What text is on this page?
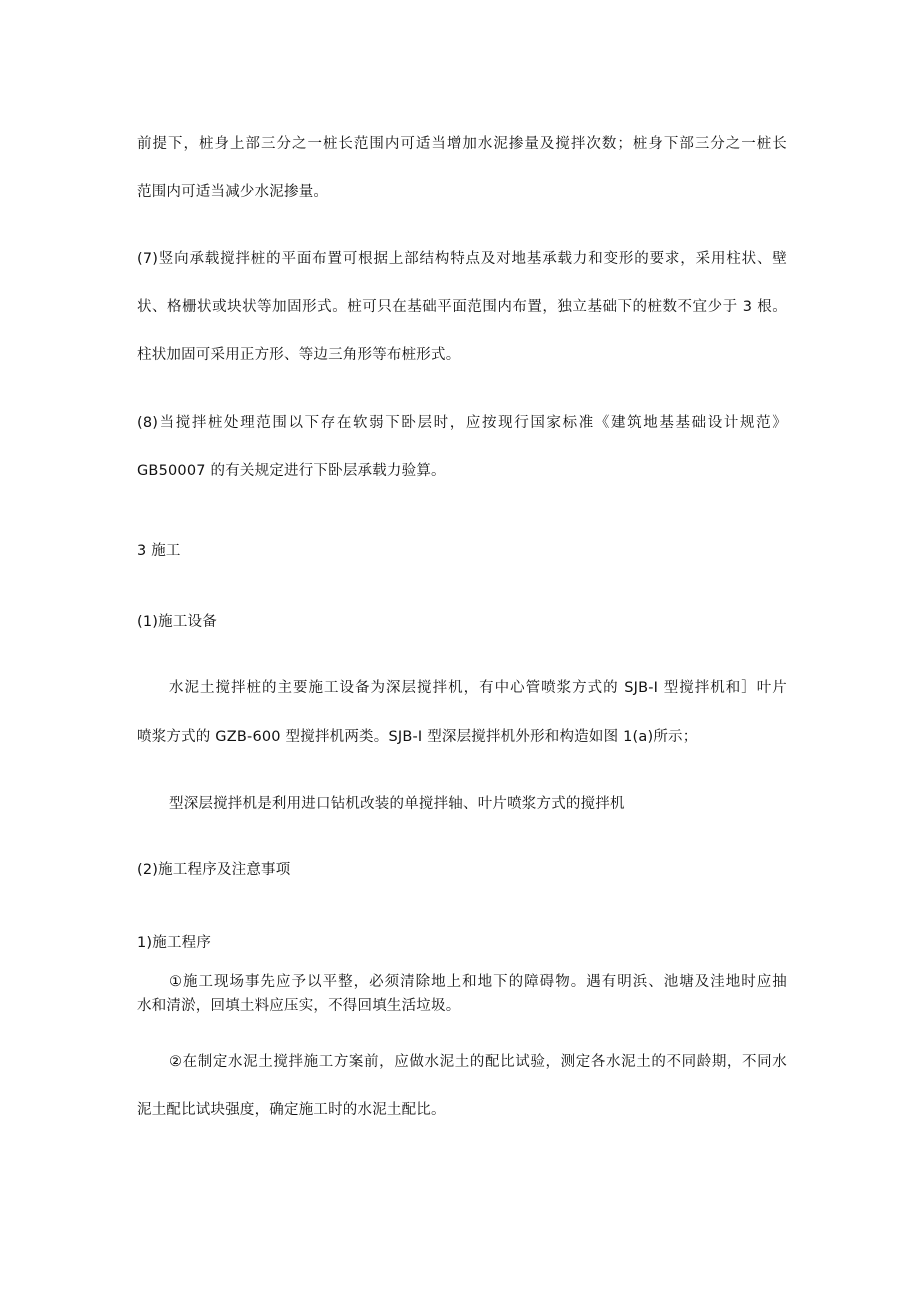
前提下，桩身上部三分之一桩长范围内可适当增加水泥掺量及搅拌次数；桩身下部三分之一桩长
范围内可适当减少水泥掺量。
(7)竖向承载搅拌桩的平面布置可根据上部结构特点及对地基承载力和变形的要求，采用柱状、壁
状、格栅状或块状等加固形式。桩可只在基础平面范围内布置，独立基础下的桩数不宜少于 3 根。
柱状加固可采用正方形、等边三角形等布桩形式。
(8)当搅拌桩处理范围以下存在软弱下卧层时，应按现行国家标准《建筑地基基础设计规范》
GB50007 的有关规定进行下卧层承载力验算。
3 施工
(1)施工设备
水泥土搅拌桩的主要施工设备为深层搅拌机，有中心管喷浆方式的 SJB-I 型搅拌机和］叶片
喷浆方式的 GZB-600 型搅拌机两类。SJB-I 型深层搅拌机外形和构造如图 1(a)所示；
型深层搅拌机是利用进口钻机改装的单搅拌轴、叶片喷浆方式的搅拌机
(2)施工程序及注意事项
1)施工程序
①施工现场事先应予以平整，必须清除地上和地下的障碍物。遇有明浜、池塘及洼地时应抽
水和清淤，回填土料应压实，不得回填生活垃圾。
②在制定水泥土搅拌施工方案前，应做水泥土的配比试验，测定各水泥土的不同龄期，不同水
泥土配比试块强度，确定施工时的水泥土配比。
